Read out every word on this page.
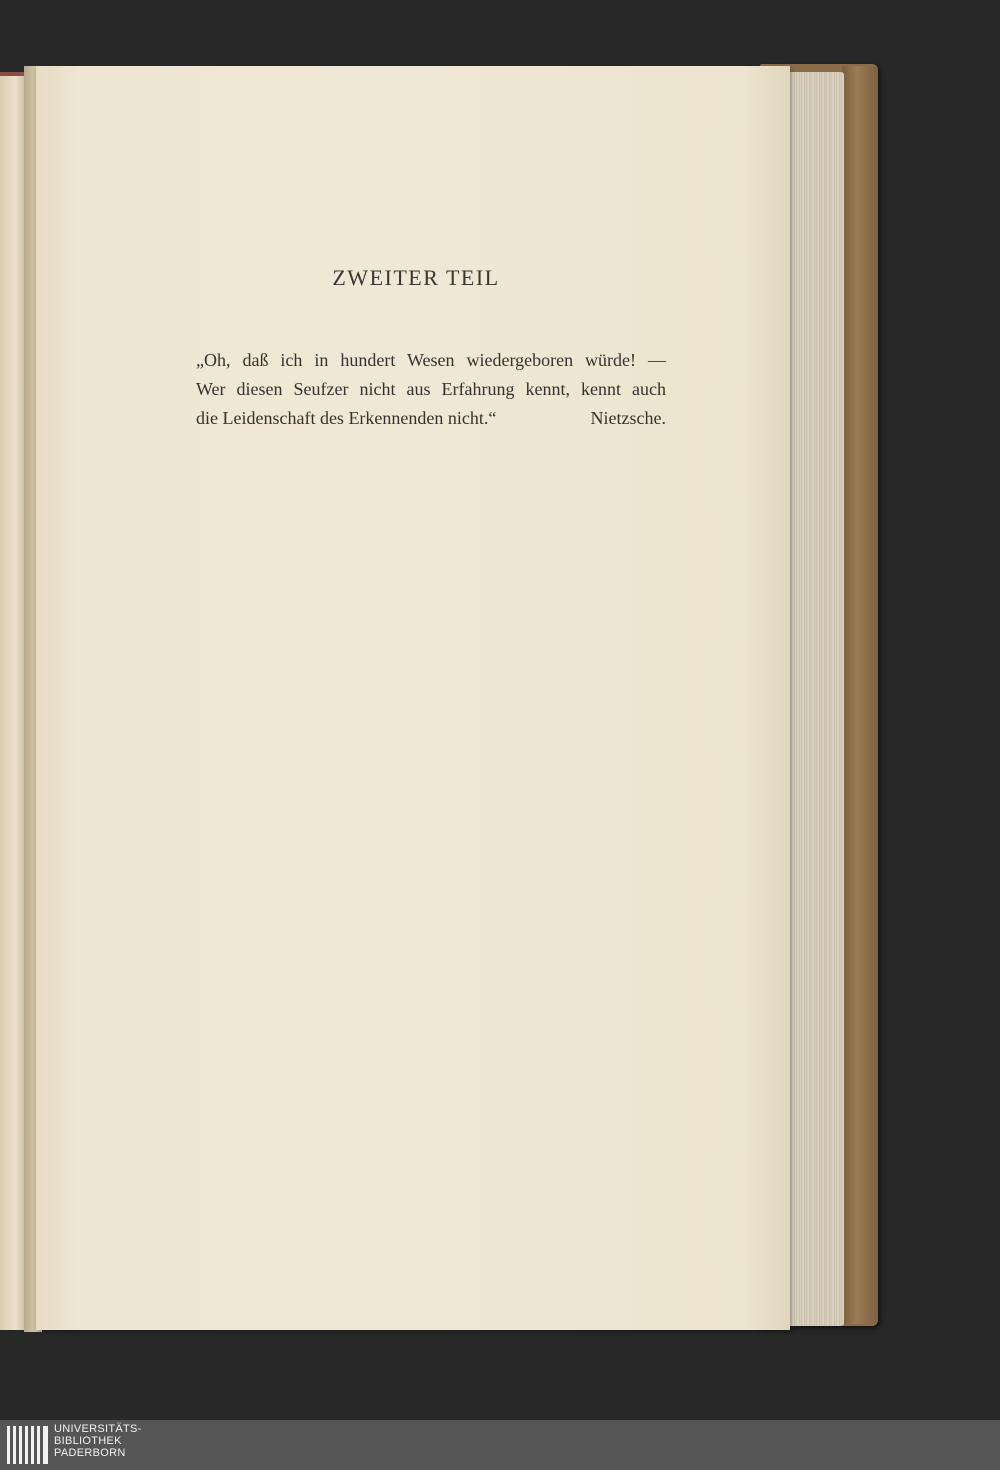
ZWEITER TEIL
„Oh, daß ich in hundert Wesen wiedergeboren würde! —
Wer diesen Seufzer nicht aus Erfahrung kennt, kennt auch
die Leidenschaft des Erkennenden nicht.“	Nietzsche.
UNIVERSITÄTS-
BIBLIOTHEK
PADERBORN
